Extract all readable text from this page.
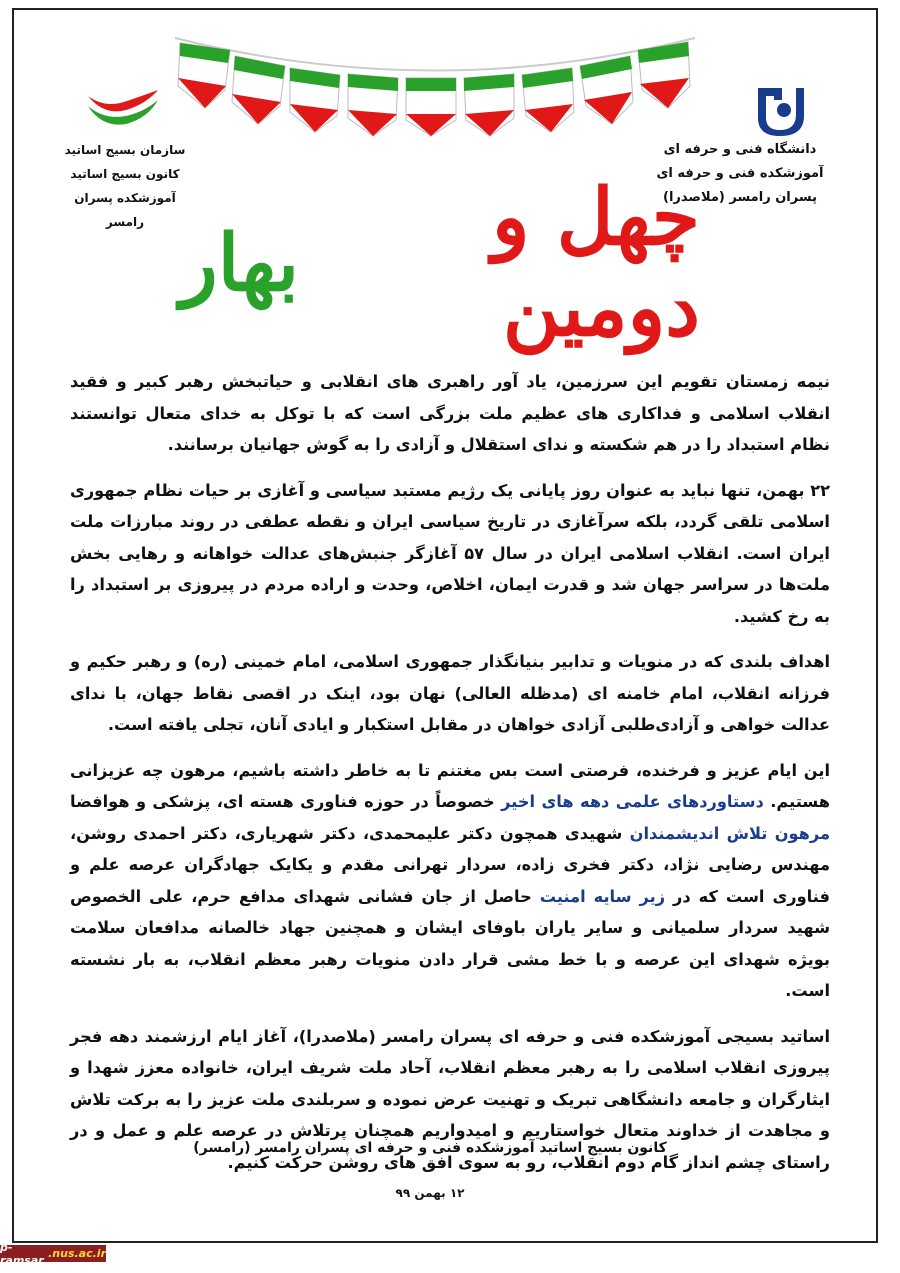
دانشگاه فنی و حرفه ای
آموزشکده فنی و حرفه ای
پسران رامسر (ملاصدرا)
سازمان بسیج اساتید
کانون بسیج اساتید
آموزشکده پسران رامسر	چهل و دومین
بهار

نیمه زمستان تقویم این سرزمین، یاد آور راهبری های انقلابی و حیاتبخش رهبر کبیر و فقید انقلاب اسلامی و فداکاری های عظیم ملت بزرگی است که با توکل به خدای متعال توانستند نظام استبداد را در هم شکسته و ندای استقلال و آزادی را به گوش جهانیان برسانند.

۲۲ بهمن، تنها نباید به عنوان روز پایانی یک رژیم مستبد سیاسی و آغازی بر حیات نظام جمهوری اسلامی تلقی گردد، بلکه سرآغازی در تاریخ سیاسی ایران و نقطه عطفی در روند مبارزات ملت ایران است. انقلاب اسلامی ایران در سال ۵۷ آغازگر جنبش‌های عدالت خواهانه و رهایی بخش ملت‌ها در سراسر جهان شد و قدرت ایمان، اخلاص، وحدت و اراده مردم در پیروزی بر استبداد را به رخ کشید.

اهداف بلندی که در منویات و تدابیر بنیانگذار جمهوری اسلامی، امام خمینی (ره) و رهبر حکیم و فرزانه انقلاب، امام خامنه ای (مدظله العالی) نهان بود، اینک در اقصی نقاط جهان، با ندای عدالت خواهی و آزادی‌طلبی آزادی خواهان در مقابل استکبار و ایادی آنان، تجلی یافته است.

این ایام عزیز و فرخنده، فرصتی است بس مغتنم تا به خاطر داشته باشیم، مرهون چه عزیزانی هستیم. دستاوردهای علمی دهه های اخیر خصوصاً در حوزه فناوری هسته ای، پزشکی و هوافضا مرهون تلاش اندیشمندان شهیدی همچون دکتر علیمحمدی، دکتر شهریاری، دکتر احمدی روشن، مهندس رضایی نژاد، دکتر فخری زاده، سردار تهرانی مقدم و یکایک جهادگران عرصه علم و فناوری است که در زیر سایه امنیت حاصل از جان فشانی شهدای مدافع حرم، علی الخصوص شهید سردار سلمیانی و سایر یاران باوفای ایشان و همچنین جهاد خالصانه مدافعان سلامت بویژه شهدای این عرصه و با خط مشی قرار دادن منویات رهبر معظم انقلاب، به بار نشسته است.

اساتید بسیجی آموزشکده فنی و حرفه ای پسران رامسر (ملاصدرا)، آغاز ایام ارزشمند دهه فجر پیروزی انقلاب اسلامی را به رهبر معظم انقلاب، آحاد ملت شریف ایران، خانواده معزز شهدا و ایثارگران و جامعه دانشگاهی تبریک و تهنیت عرض نموده و سربلندی ملت عزیز را به برکت تلاش و مجاهدت از خداوند متعال خواستاریم و امیدواریم همچنان پرتلاش در عرصه علم و عمل و در راستای چشم انداز گام دوم انقلاب، رو به سوی افق های روشن حرکت کنیم.

کانون بسیج اساتید آموزشکده فنی و حرفه ای پسران رامسر (رامسر)
۱۲ بهمن ۹۹
p-ramsar .nus.ac.ir
